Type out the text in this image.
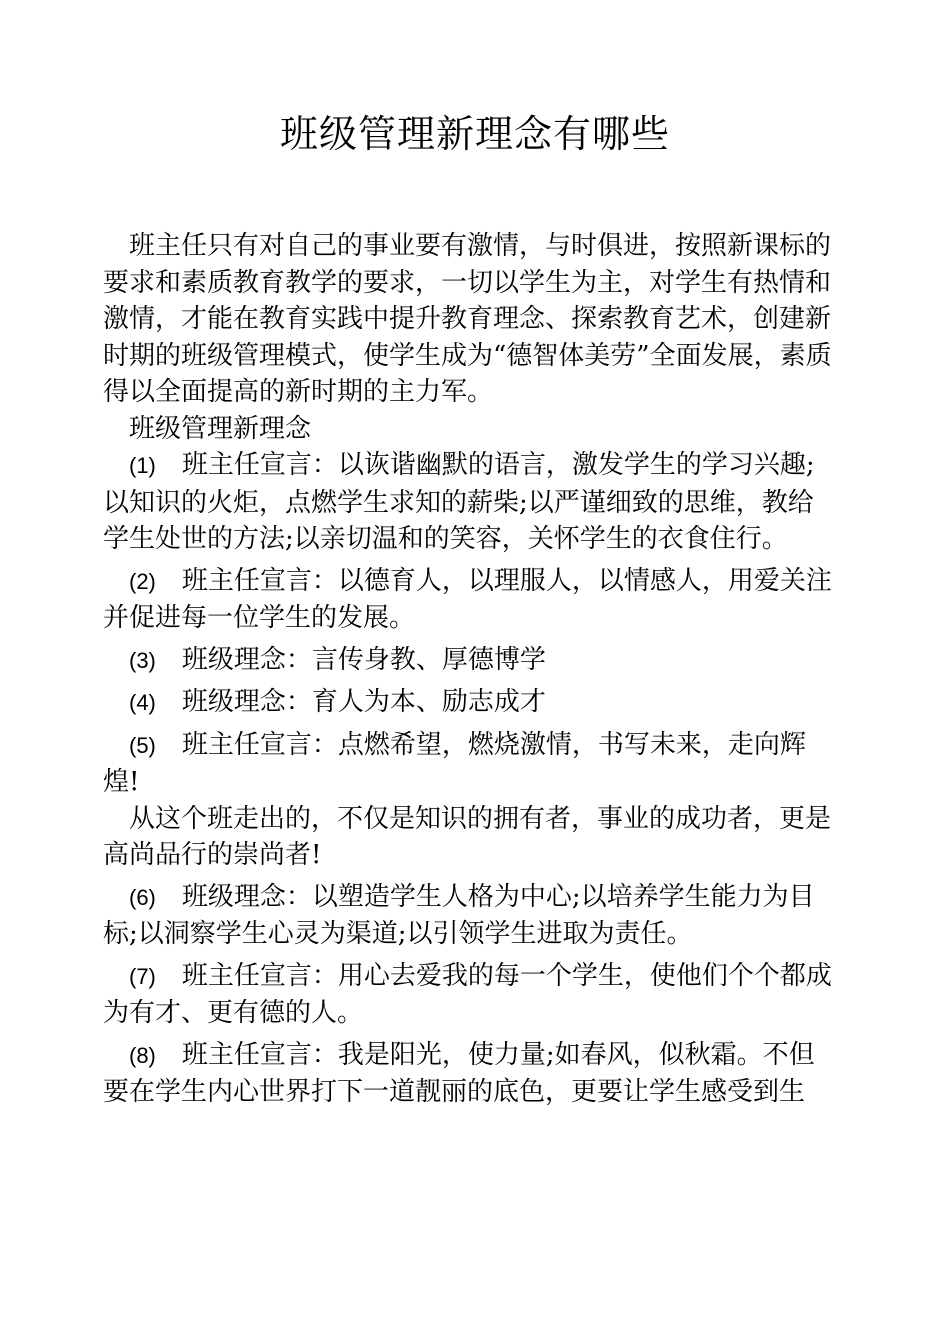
班级管理新理念有哪些

班主任只有对自己的事业要有激情，与时俱进，按照新课标的要求和素质教育教学的要求，一切以学生为主，对学生有热情和激情，才能在教育实践中提升教育理念、探索教育艺术，创建新时期的班级管理模式，使学生成为“德智体美劳”全面发展，素质得以全面提高的新时期的主力军。

班级管理新理念

(1) 班主任宣言：以诙谐幽默的语言，激发学生的学习兴趣;以知识的火炬，点燃学生求知的薪柴;以严谨细致的思维，教给学生处世的方法;以亲切温和的笑容，关怀学生的衣食住行。

(2) 班主任宣言：以德育人，以理服人，以情感人，用爱关注并促进每一位学生的发展。

(3) 班级理念：言传身教、厚德博学

(4) 班级理念：育人为本、励志成才

(5) 班主任宣言：点燃希望，燃烧激情，书写未来，走向辉煌!

从这个班走出的，不仅是知识的拥有者，事业的成功者，更是高尚品行的崇尚者!

(6) 班级理念：以塑造学生人格为中心;以培养学生能力为目标;以洞察学生心灵为渠道;以引领学生进取为责任。

(7) 班主任宣言：用心去爱我的每一个学生，使他们个个都成为有才、更有德的人。

(8) 班主任宣言：我是阳光，使力量;如春风，似秋霜。不但要在学生内心世界打下一道靓丽的底色，更要让学生感受到生
